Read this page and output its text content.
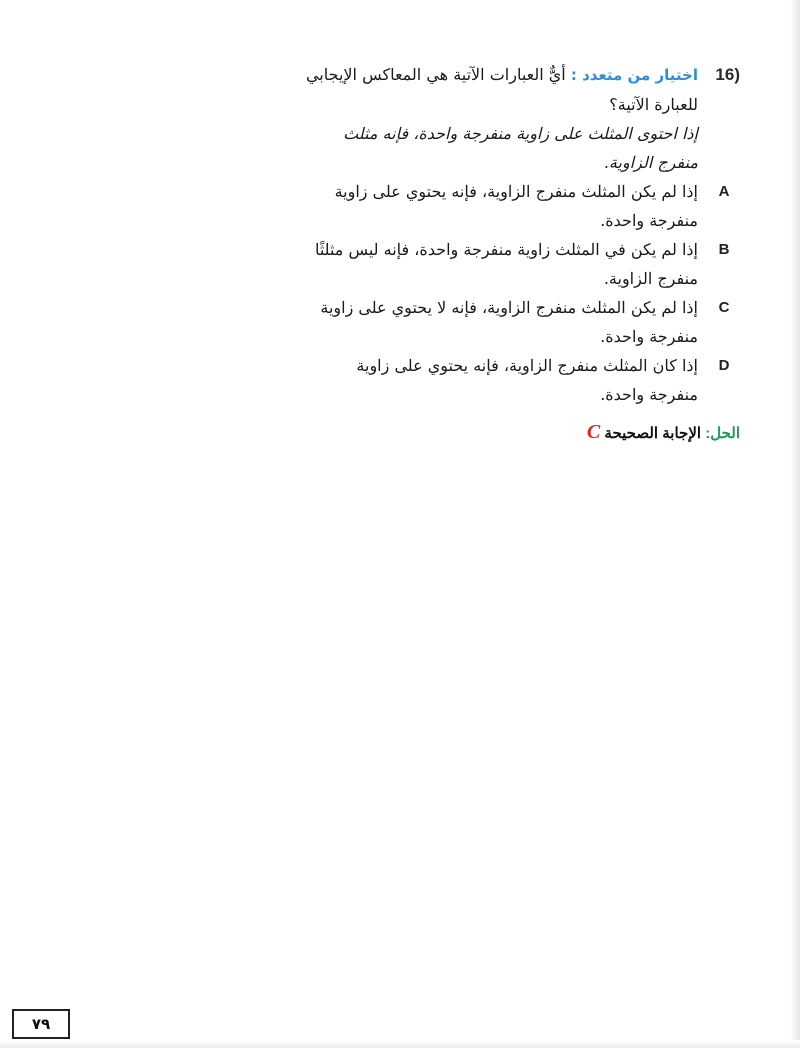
16)
اختيار من متعدد : أيٌّ العبارات الآتية هي المعاكس الإيجابي
للعبارة الآتية؟
إذا احتوى المثلث على زاوية منفرجة واحدة، فإنه مثلث منفرج الزاوية.
A
إذا لم يكن المثلث منفرج الزاوية، فإنه يحتوي على زاوية منفرجة واحدة.
B
إذا لم يكن في المثلث زاوية منفرجة واحدة، فإنه ليس مثلثًا منفرج الزاوية.
C
إذا لم يكن المثلث منفرج الزاوية، فإنه لا يحتوي على زاوية منفرجة واحدة.
D
إذا كان المثلث منفرج الزاوية، فإنه يحتوي على زاوية منفرجة واحدة.
الحل: الإجابة الصحيحة C
٧٩
